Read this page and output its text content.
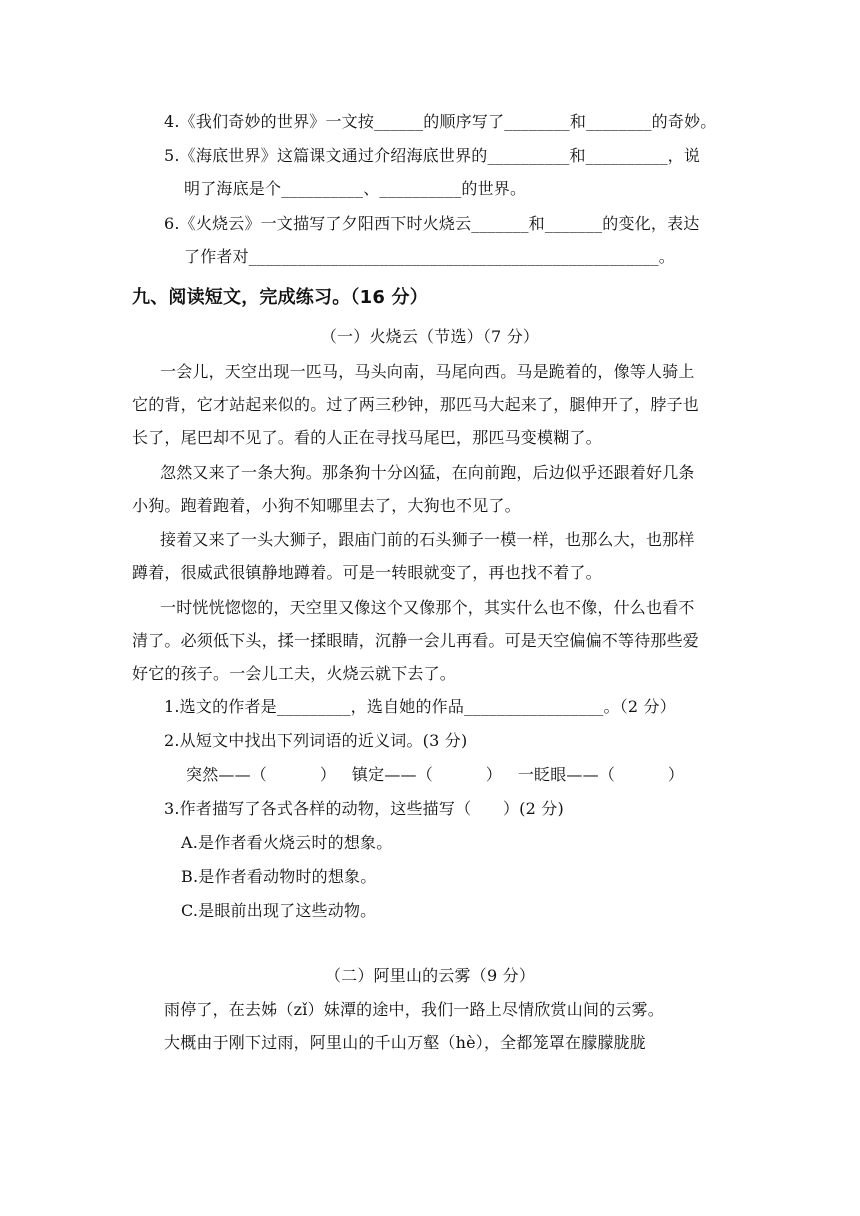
4.《我们奇妙的世界》一文按______的顺序写了________和________的奇妙。
5.《海底世界》这篇课文通过介绍海底世界的__________和__________，说
明了海底是个__________、__________的世界。
6.《火烧云》一文描写了夕阳西下时火烧云_______和_______的变化，表达
了作者对__________________________________________________。
九、阅读短文，完成练习。（16 分）
（一）火烧云（节选）（7 分）
一会儿，天空出现一匹马，马头向南，马尾向西。马是跪着的，像等人骑上
它的背，它才站起来似的。过了两三秒钟，那匹马大起来了，腿伸开了，脖子也
长了，尾巴却不见了。看的人正在寻找马尾巴，那匹马变模糊了。
忽然又来了一条大狗。那条狗十分凶猛，在向前跑，后边似乎还跟着好几条
小狗。跑着跑着，小狗不知哪里去了，大狗也不见了。
接着又来了一头大狮子，跟庙门前的石头狮子一模一样，也那么大，也那样
蹲着，很威武很镇静地蹲着。可是一转眼就变了，再也找不着了。
一时恍恍惚惚的，天空里又像这个又像那个，其实什么也不像，什么也看不
清了。必须低下头，揉一揉眼睛，沉静一会儿再看。可是天空偏偏不等待那些爱
好它的孩子。一会儿工夫，火烧云就下去了。
1.选文的作者是_________，选自她的作品_________________。（2 分）
2.从短文中找出下列词语的近义词。(3 分)
突然——（          ）   镇定——（          ）   一眨眼——（          ）
3.作者描写了各式各样的动物，这些描写（      ）(2 分)
A.是作者看火烧云时的想象。
B.是作者看动物时的想象。
C.是眼前出现了这些动物。
（二）阿里山的云雾（9 分）
雨停了，在去姊（zǐ）妹潭的途中，我们一路上尽情欣赏山间的云雾。
大概由于刚下过雨，阿里山的千山万壑（hè），全都笼罩在朦朦胧胧
